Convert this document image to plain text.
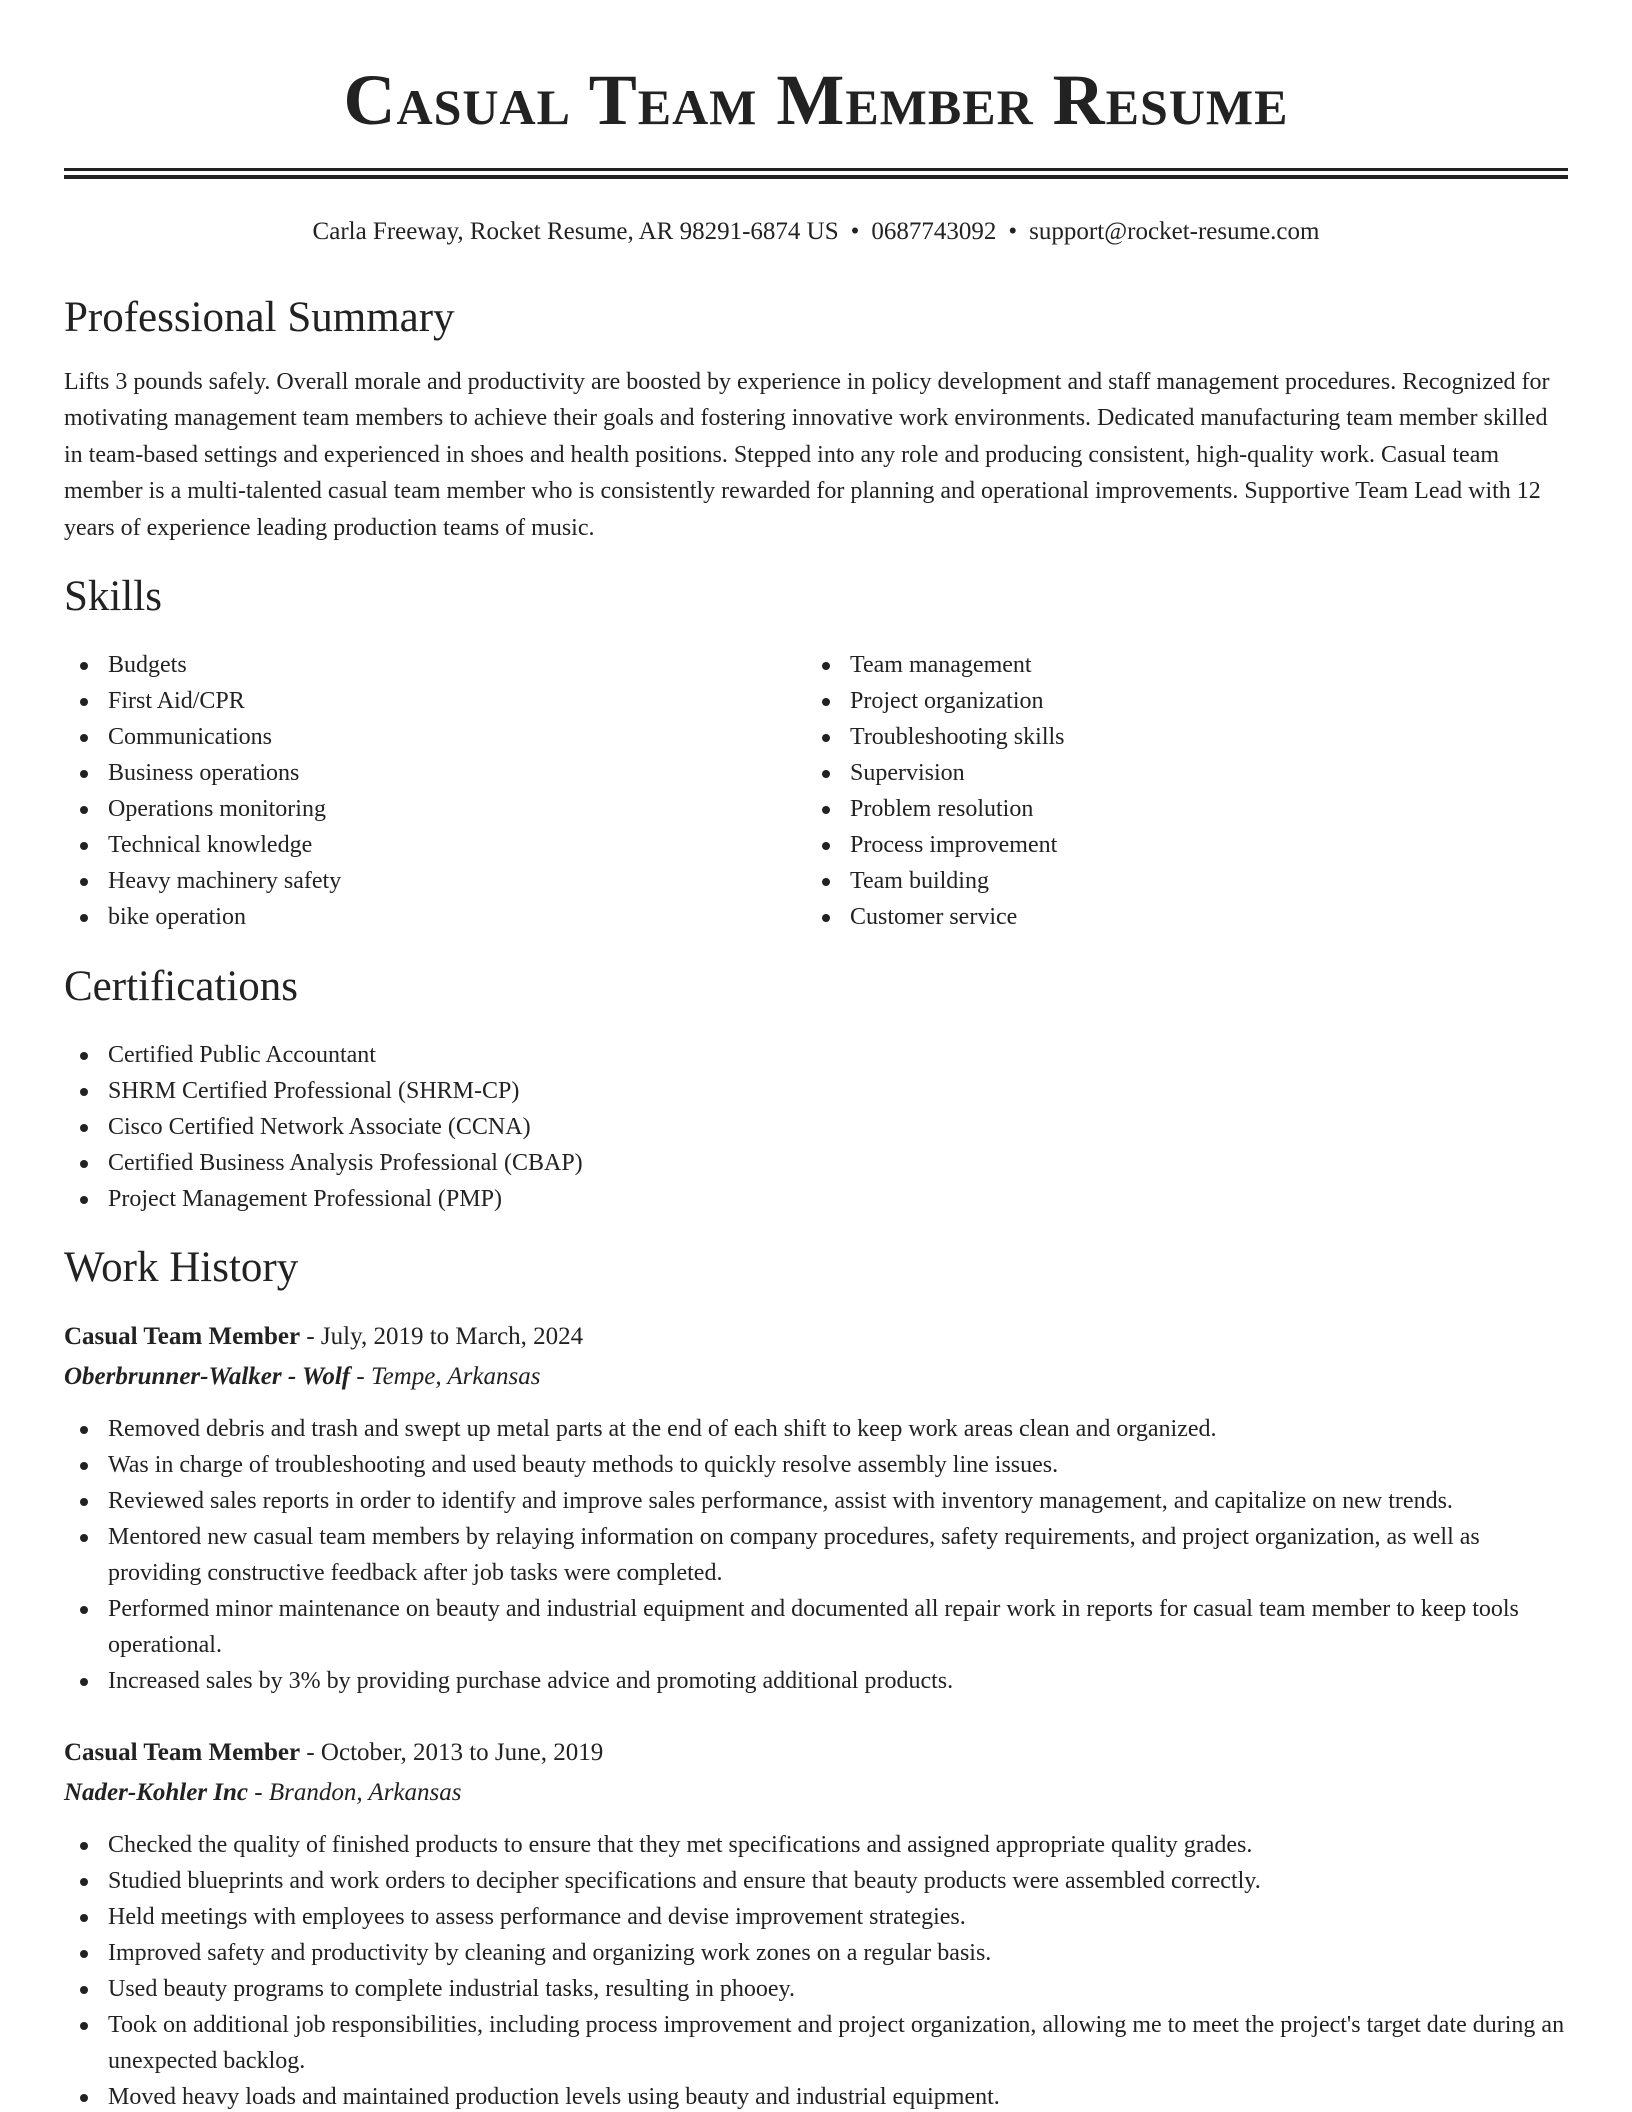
Casual Team Member Resume
Carla Freeway, Rocket Resume, AR 98291-6874 US • 0687743092 • support@rocket-resume.com
Professional Summary

Lifts 3 pounds safely. Overall morale and productivity are boosted by experience in policy development and staff management procedures. Recognized for motivating management team members to achieve their goals and fostering innovative work environments. Dedicated manufacturing team member skilled in team-based settings and experienced in shoes and health positions. Stepped into any role and producing consistent, high-quality work. Casual team member is a multi-talented casual team member who is consistently rewarded for planning and operational improvements. Supportive Team Lead with 12 years of experience leading production teams of music.

Skills
Budgets
First Aid/CPR
Communications
Business operations
Operations monitoring
Technical knowledge
Heavy machinery safety
bike operation
Team management
Project organization
Troubleshooting skills
Supervision
Problem resolution
Process improvement
Team building
Customer service
Certifications
Certified Public Accountant
SHRM Certified Professional (SHRM-CP)
Cisco Certified Network Associate (CCNA)
Certified Business Analysis Professional (CBAP)
Project Management Professional (PMP)
Work History
Casual Team Member - July, 2019 to March, 2024
Oberbrunner-Walker - Wolf - Tempe, Arkansas
Removed debris and trash and swept up metal parts at the end of each shift to keep work areas clean and organized.
Was in charge of troubleshooting and used beauty methods to quickly resolve assembly line issues.
Reviewed sales reports in order to identify and improve sales performance, assist with inventory management, and capitalize on new trends.
Mentored new casual team members by relaying information on company procedures, safety requirements, and project organization, as well as providing constructive feedback after job tasks were completed.
Performed minor maintenance on beauty and industrial equipment and documented all repair work in reports for casual team member to keep tools operational.
Increased sales by 3% by providing purchase advice and promoting additional products.
Casual Team Member - October, 2013 to June, 2019
Nader-Kohler Inc - Brandon, Arkansas
Checked the quality of finished products to ensure that they met specifications and assigned appropriate quality grades.
Studied blueprints and work orders to decipher specifications and ensure that beauty products were assembled correctly.
Held meetings with employees to assess performance and devise improvement strategies.
Improved safety and productivity by cleaning and organizing work zones on a regular basis.
Used beauty programs to complete industrial tasks, resulting in phooey.
Took on additional job responsibilities, including process improvement and project organization, allowing me to meet the project's target date during an unexpected backlog.
Moved heavy loads and maintained production levels using beauty and industrial equipment.
